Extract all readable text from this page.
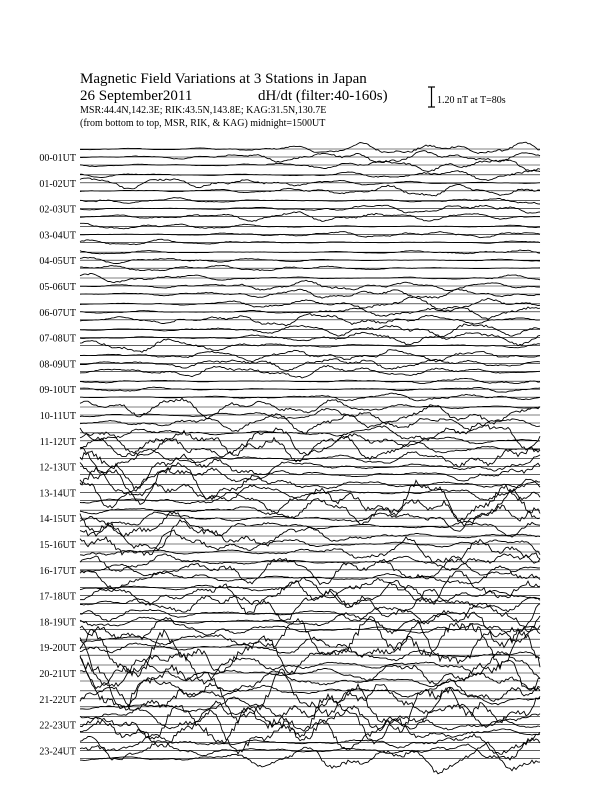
00-01UT
01-02UT
02-03UT
03-04UT
04-05UT
05-06UT
06-07UT
07-08UT
08-09UT
09-10UT
10-11UT
11-12UT
12-13UT
13-14UT
14-15UT
15-16UT
16-17UT
17-18UT
18-19UT
19-20UT
20-21UT
21-22UT
22-23UT
23-24UT
Magnetic Field Variations at 3 Stations in Japan
26 September2011	dH/dt (filter:40-160s)
MSR:44.4N,142.3E; RIK:43.5N,143.8E; KAG:31.5N,130.7E
(from bottom to top, MSR, RIK, & KAG) midnight=1500UT
1.20 nT at T=80s
